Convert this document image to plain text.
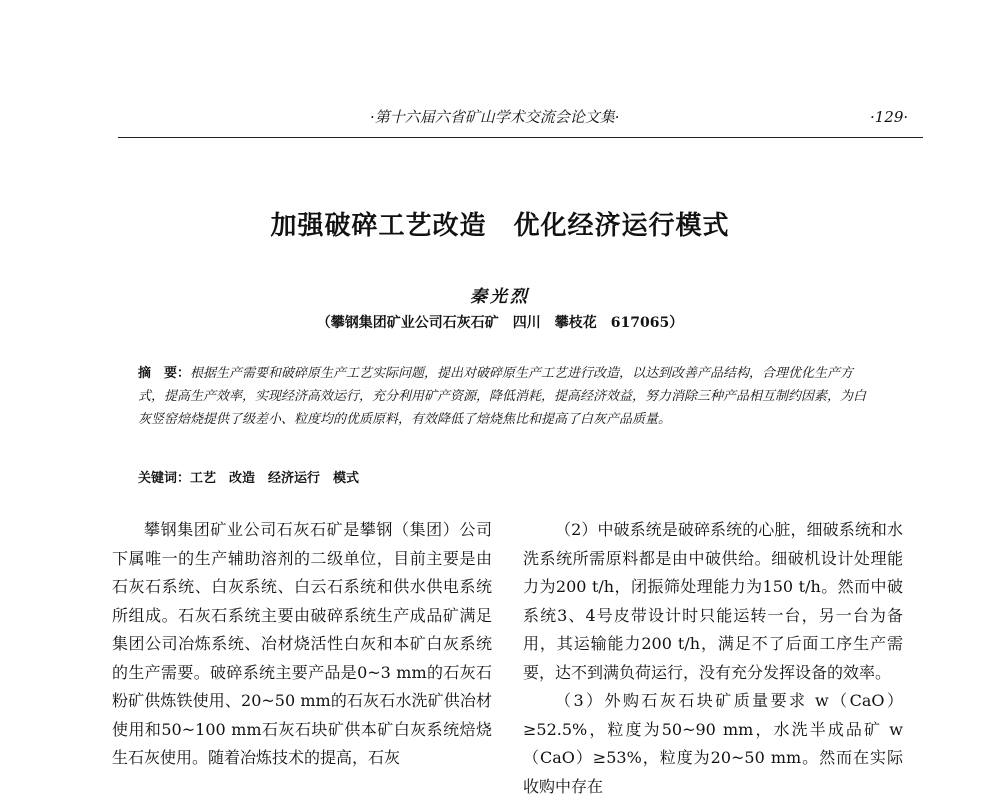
·第十六届六省矿山学术交流会论文集·	·129·
加强破碎工艺改造　优化经济运行模式
秦光烈
（攀钢集团矿业公司石灰石矿　四川　攀枝花　617065）
摘　要：根据生产需要和破碎原生产工艺实际问题，提出对破碎原生产工艺进行改造，以达到改善产品结构，合理优化生产方式，提高生产效率，实现经济高效运行，充分利用矿产资源，降低消耗，提高经济效益，努力消除三种产品相互制约因素，为白灰竖窑焙烧提供了级差小、粒度均的优质原料，有效降低了焙烧焦比和提高了白灰产品质量。
关键词：工艺　改造　经济运行　模式

攀钢集团矿业公司石灰石矿是攀钢（集团）公司下属唯一的生产辅助溶剂的二级单位，目前主要是由石灰石系统、白灰系统、白云石系统和供水供电系统所组成。石灰石系统主要由破碎系统生产成品矿满足集团公司冶炼系统、冶材烧活性白灰和本矿白灰系统的生产需要。破碎系统主要产品是0~3 mm的石灰石粉矿供炼铁使用、20~50 mm的石灰石水洗矿供冶材使用和50~100 mm石灰石块矿供本矿白灰系统焙烧生石灰使用。随着冶炼技术的提高，石灰

（2）中破系统是破碎系统的心脏，细破系统和水洗系统所需原料都是由中破供给。细破机设计处理能力为200 t/h，闭振筛处理能力为150 t/h。然而中破系统3、4号皮带设计时只能运转一台，另一台为备用，其运输能力200 t/h，满足不了后面工序生产需要，达不到满负荷运行，没有充分发挥设备的效率。

（3）外购石灰石块矿质量要求 w（CaO）≥52.5%，粒度为50~90 mm，水洗半成品矿 w（CaO）≥53%，粒度为20~50 mm。然而在实际收购中存在
